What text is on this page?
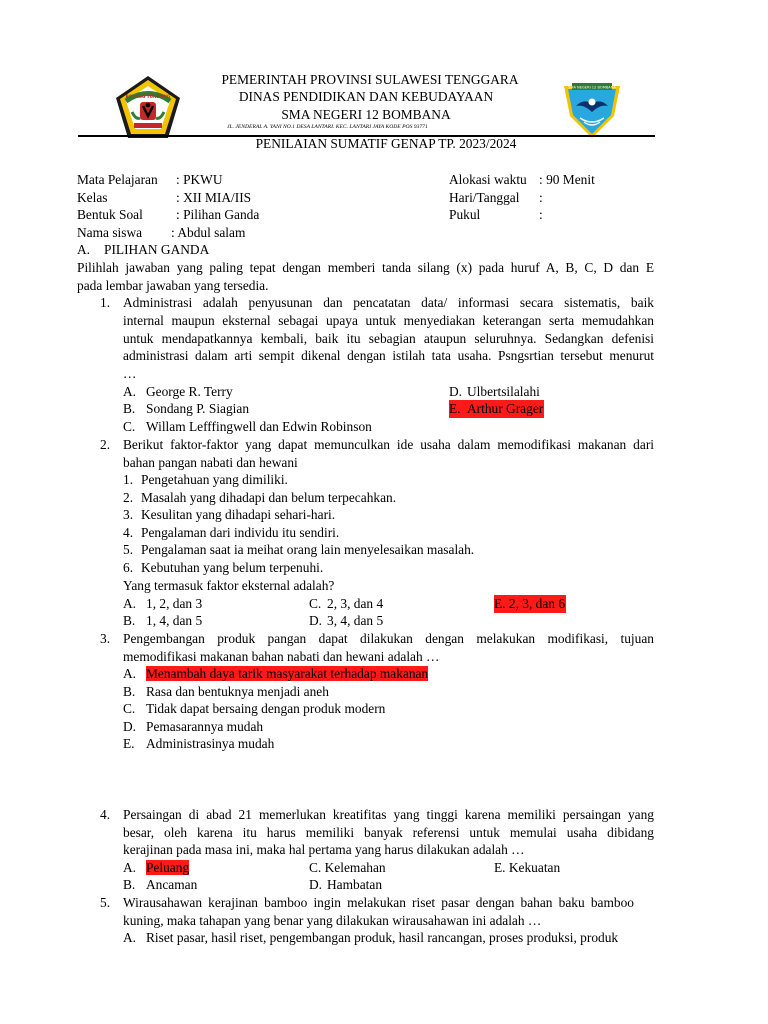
BOLANG TUNDUNG
SMA NEGERI 12 BOMBANA
PEMERINTAH PROVINSI SULAWESI TENGGARA
DINAS PENDIDIKAN DAN KEBUDAYAAN
SMA NEGERI 12 BOMBANA
JL. JENDERAL A. YANI NO.1 DESA LANTARI. KEC. LANTARI JAYA KODE POS 93771
PENILAIAN SUMATIF GENAP TP. 2023/2024
Mata Pelajaran : PKWU
Kelas	: XII MIA/IIS
Bentuk Soal : Pilihan Ganda
Nama siswa : Abdul salam
Alokasi waktu : 90 Menit
Hari/Tanggal :
Pukul	:
A. PILIHAN GANDA
Pilihlah jawaban yang paling tepat dengan memberi tanda silang (x) pada huruf A, B, C, D dan E
pada lembar jawaban yang tersedia.
1. Administrasi adalah penyusunan dan pencatatan data/ informasi secara sistematis, baik
internal maupun eksternal sebagai upaya untuk menyediakan keterangan serta memudahkan
untuk mendapatkannya kembali, baik itu sebagian ataupun seluruhnya. Sedangkan defenisi
administrasi dalam arti sempit dikenal dengan istilah tata usaha. Psngsrtian tersebut menurut
…
A. George R. Terry
B. Sondang P. Siagian
C. Willam Lefffingwell dan Edwin Robinson
D. Ulbertsilalahi
E. Arthur Grager
2. Berikut faktor-faktor yang dapat memunculkan ide usaha dalam memodifikasi makanan dari
bahan pangan nabati dan hewani
1. Pengetahuan yang dimiliki.
2. Masalah yang dihadapi dan belum terpecahkan.
3. Kesulitan yang dihadapi sehari-hari.
4. Pengalaman dari individu itu sendiri.
5. Pengalaman saat ia meihat orang lain menyelesaikan masalah.
6. Kebutuhan yang belum terpenuhi.
Yang termasuk faktor eksternal adalah?
A. 1, 2, dan 3
B. 1, 4, dan 5
C. 2, 3, dan 4
D. 3, 4, dan 5
E. 2, 3, dan 6
3. Pengembangan produk pangan dapat dilakukan dengan melakukan modifikasi, tujuan
memodifikasi makanan bahan nabati dan hewani adalah …
A. Menambah daya tarik masyarakat terhadap makanan
B. Rasa dan bentuknya menjadi aneh
C. Tidak dapat bersaing dengan produk modern
D. Pemasarannya mudah
E. Administrasinya mudah
4. Persaingan di abad 21 memerlukan kreatifitas yang tinggi karena memiliki persaingan yang
besar, oleh karena itu harus memiliki banyak referensi untuk memulai usaha dibidang
kerajinan pada masa ini, maka hal pertama yang harus dilakukan adalah …
A. Peluang
B. Ancaman
C. Kelemahan
D. Hambatan
E. Kekuatan
5. Wirausahawan kerajinan bamboo ingin melakukan riset pasar dengan bahan baku bamboo
kuning, maka tahapan yang benar yang dilakukan wirausahawan ini adalah …
A. Riset pasar, hasil riset, pengembangan produk, hasil rancangan, proses produksi, produk
